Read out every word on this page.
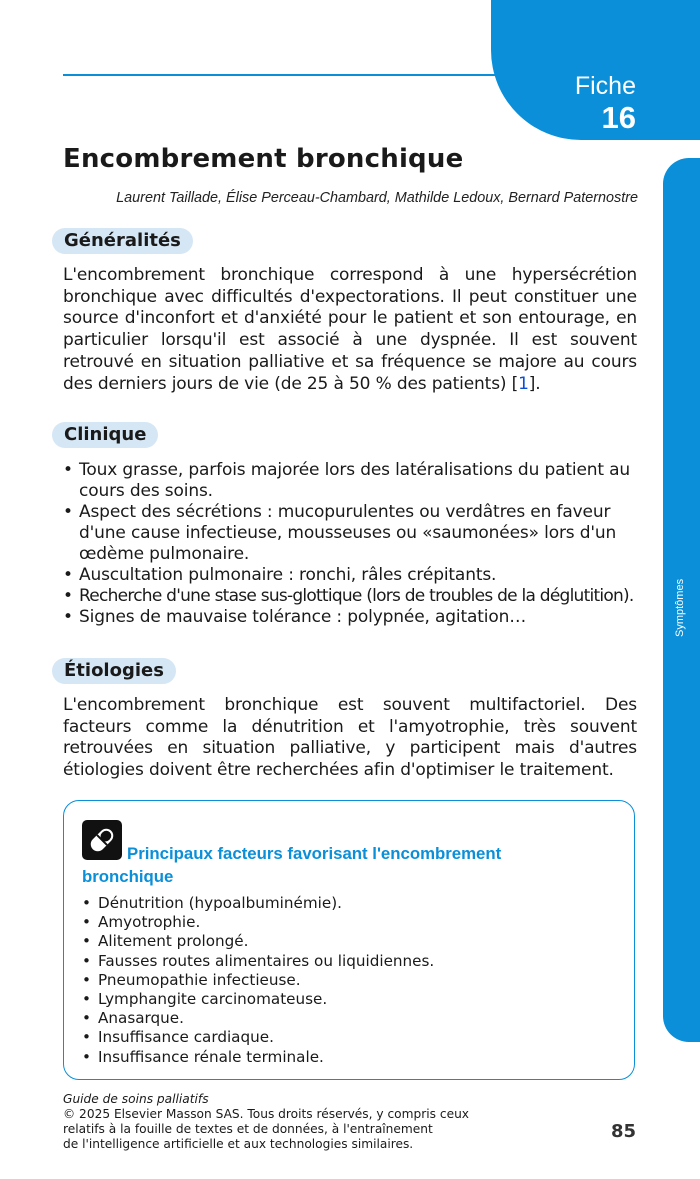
Fiche
16
Symptômes
Encombrement bronchique
Laurent Taillade, Élise Perceau-Chambard, Mathilde Ledoux, Bernard Paternostre
Généralités

L'encombrement bronchique correspond à une hypersécrétion bronchique avec difficultés d'expectorations. Il peut constituer une source d'inconfort et d'anxiété pour le patient et son entourage, en particulier lorsqu'il est associé à une dyspnée. Il est souvent retrouvé en situation palliative et sa fréquence se majore au cours des derniers jours de vie (de 25 à 50 % des patients) [1].

Clinique
• Toux grasse, parfois majorée lors des latéralisations du patient au cours des soins.
• Aspect des sécrétions : mucopurulentes ou verdâtres en faveur d'une cause infectieuse, mousseuses ou «saumonées» lors d'un œdème pulmonaire.
• Auscultation pulmonaire : ronchi, râles crépitants.
• Recherche d'une stase sus-glottique (lors de troubles de la déglutition).
• Signes de mauvaise tolérance : polypnée, agitation…
Étiologies

L'encombrement bronchique est souvent multifactoriel. Des facteurs comme la dénutrition et l'amyotrophie, très souvent retrouvées en situation palliative, y participent mais d'autres étiologies doivent être recherchées afin d'optimiser le traitement.

Principaux facteurs favorisant l'encombrement bronchique

• Dénutrition (hypoalbuminémie).
• Amyotrophie.
• Alitement prolongé.
• Fausses routes alimentaires ou liquidiennes.
• Pneumopathie infectieuse.
• Lymphangite carcinomateuse.
• Anasarque.
• Insuffisance cardiaque.
• Insuffisance rénale terminale.
Guide de soins palliatifs
© 2025 Elsevier Masson SAS. Tous droits réservés, y compris ceux
relatifs à la fouille de textes et de données, à l'entraînement
de l'intelligence artificielle et aux technologies similaires.
85
